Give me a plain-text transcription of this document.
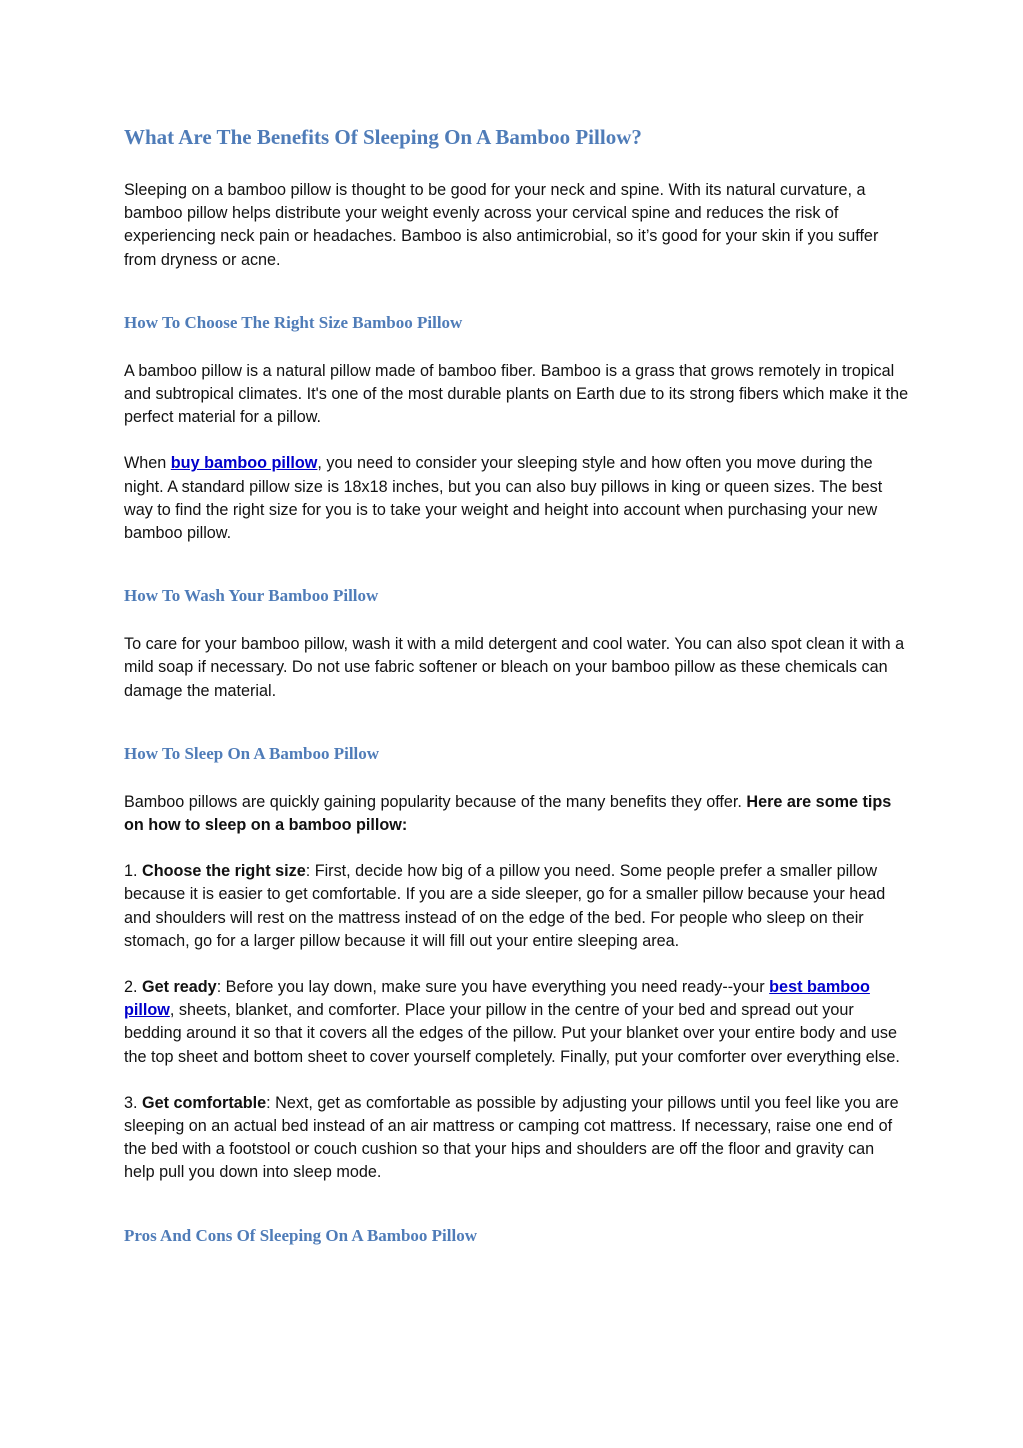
What Are The Benefits Of Sleeping On A Bamboo Pillow?

Sleeping on a bamboo pillow is thought to be good for your neck and spine. With its natural curvature, a bamboo pillow helps distribute your weight evenly across your cervical spine and reduces the risk of experiencing neck pain or headaches. Bamboo is also antimicrobial, so it’s good for your skin if you suffer from dryness or acne.

How To Choose The Right Size Bamboo Pillow

A bamboo pillow is a natural pillow made of bamboo fiber. Bamboo is a grass that grows remotely in tropical and subtropical climates. It's one of the most durable plants on Earth due to its strong fibers which make it the perfect material for a pillow.

When buy bamboo pillow, you need to consider your sleeping style and how often you move during the night. A standard pillow size is 18x18 inches, but you can also buy pillows in king or queen sizes. The best way to find the right size for you is to take your weight and height into account when purchasing your new bamboo pillow.

How To Wash Your Bamboo Pillow

To care for your bamboo pillow, wash it with a mild detergent and cool water. You can also spot clean it with a mild soap if necessary. Do not use fabric softener or bleach on your bamboo pillow as these chemicals can damage the material.

How To Sleep On A Bamboo Pillow

Bamboo pillows are quickly gaining popularity because of the many benefits they offer. Here are some tips on how to sleep on a bamboo pillow:

1. Choose the right size: First, decide how big of a pillow you need. Some people prefer a smaller pillow because it is easier to get comfortable. If you are a side sleeper, go for a smaller pillow because your head and shoulders will rest on the mattress instead of on the edge of the bed. For people who sleep on their stomach, go for a larger pillow because it will fill out your entire sleeping area.

2. Get ready: Before you lay down, make sure you have everything you need ready--your best bamboo pillow, sheets, blanket, and comforter. Place your pillow in the centre of your bed and spread out your bedding around it so that it covers all the edges of the pillow. Put your blanket over your entire body and use the top sheet and bottom sheet to cover yourself completely. Finally, put your comforter over everything else.

3. Get comfortable: Next, get as comfortable as possible by adjusting your pillows until you feel like you are sleeping on an actual bed instead of an air mattress or camping cot mattress. If necessary, raise one end of the bed with a footstool or couch cushion so that your hips and shoulders are off the floor and gravity can help pull you down into sleep mode.

Pros And Cons Of Sleeping On A Bamboo Pillow
